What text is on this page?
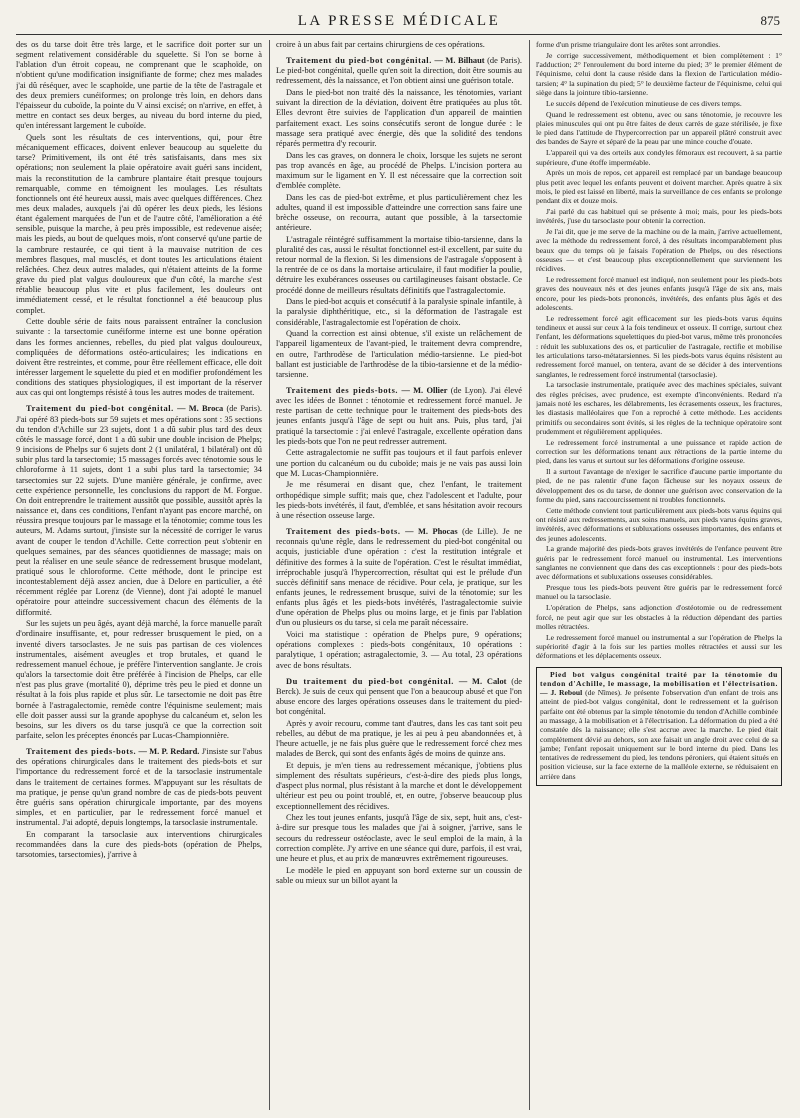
LA PRESSE MÉDICALE	875

des os du tarse doit être très large, et le sacrifice doit porter sur un segment relativement considérable du squelette. Si l'on se borne à l'ablation d'un étroit copeau, ne comprenant que le scaphoïde, on n'obtient qu'une modification insignifiante de forme; chez mes malades j'ai dû réséquer, avec le scaphoïde, une partie de la tête de l'astragale et des deux premiers cunéiformes; on prolonge très loin, en dehors dans l'épaisseur du cuboïde, la pointe du V ainsi excisé; on n'arrive, en effet, à mettre en contact ses deux berges, au niveau du bord interne du pied, qu'en intéressant largement le cuboïde.

Quels sont les résultats de ces interventions, qui, pour être mécaniquement efficaces, doivent enlever beaucoup au squelette du tarse? Primitivement, ils ont été très satisfaisants, dans mes six opérations; non seulement la plaie opératoire avait guéri sans incident, mais la reconstitution de la cambrure plantaire était presque toujours remarquable, comme en témoignent les moulages. Les résultats fonctionnels ont été heureux aussi, mais avec quelques différences. Chez mes deux malades, auxquels j'ai dû opérer les deux pieds, les lésions étant également marquées de l'un et de l'autre côté, l'amélioration a été sensible, puisque la marche, à peu près impossible, est redevenue aisée; mais les pieds, au bout de quelques mois, n'ont conservé qu'une partie de la cambrure restaurée, ce qui tient à la mauvaise nutrition de ces membres flasques, mal musclés, et dont toutes les articulations étaient relâchées. Chez deux autres malades, qui n'étaient atteints de la forme grave du pied plat valgus douloureux que d'un côté, la marche s'est rétablie beaucoup plus vite et plus facilement, les douleurs ont immédiatement cessé, et le résultat fonctionnel a été beaucoup plus complet.

Cette double série de faits nous paraissent entraîner la conclusion suivante : la tarsectomie cunéiforme interne est une bonne opération dans les formes anciennes, rebelles, du pied plat valgus douloureux, compliquées de déformations ostéo-articulaires; les indications en doivent être restreintes, et comme, pour être réellement efficace, elle doit intéresser largement le squelette du pied et en modifier profondément les conditions des statiques physiologiques, il est important de la réserver aux cas qui ont longtemps résisté à tous les autres modes de traitement.

Traitement du pied-bot congénital. — M. Broca (de Paris). J'ai opéré 83 pieds-bots sur 59 sujets et mes opérations sont : 35 sections du tendon d'Achille sur 23 sujets, dont 1 a dû subir plus tard des deux côtés le massage forcé, dont 1 a dû subir une double incision de Phelps; 9 incisions de Phelps sur 6 sujets dont 2 (1 unilatéral, 1 bilatéral) ont dû subir plus tard la tarsectomie; 15 massages forcés avec ténotomie sous le chloroforme à 11 sujets, dont 1 a subi plus tard la tarsectomie; 34 tarsectomies sur 22 sujets. D'une manière générale, je confirme, avec cette expérience personnelle, les conclusions du rapport de M. Forgue. On doit entreprendre le traitement aussitôt que possible, aussitôt après la naissance et, dans ces conditions, l'enfant n'ayant pas encore marché, on réussira presque toujours par le massage et la ténotomie; comme tous les auteurs, M. Adams surtout, j'insiste sur la nécessité de corriger le varus avant de couper le tendon d'Achille. Cette correction peut s'obtenir en quelques semaines, par des séances quotidiennes de massage; mais on peut la réaliser en une seule séance de redressement brusque modelant, pratiqué sous le chloroforme. Cette méthode, dont le principe est incontestablement déjà assez ancien, due à Delore en particulier, a été récemment réglée par Lorenz (de Vienne), dont j'ai adopté le manuel opératoire pour atteindre successivement chacun des éléments de la difformité.

Sur les sujets un peu âgés, ayant déjà marché, la force manuelle paraît d'ordinaire insuffisante, et, pour redresser brusquement le pied, on a inventé divers tarsoclastes. Je ne suis pas partisan de ces violences instrumentales, aisément aveugles et trop brutales, et quand le redressement manuel échoue, je préfère l'intervention sanglante. Je crois qu'alors la tarsectomie doit être préférée à l'incision de Phelps, car elle n'est pas plus grave (mortalité 0), déprime très peu le pied et donne un résultat à la fois plus rapide et plus sûr. Le tarsectomie ne doit pas être bornée à l'astragalectomie, remède contre l'équinisme seulement; mais elle doit passer aussi sur la grande apophyse du calcanéum et, selon les besoins, sur les divers os du tarse jusqu'à ce que la correction soit parfaite, selon les préceptes énoncés par Lucas-Championnière.

Traitement des pieds-bots. — M. P. Redard. J'insiste sur l'abus des opérations chirurgicales dans le traitement des pieds-bots et sur l'importance du redressement forcé et de la tarsoclasie instrumentale dans le traitement de certaines formes. M'appuyant sur les résultats de ma pratique, je pense qu'un grand nombre de cas de pieds-bots peuvent être guéris sans opération chirurgicale importante, par des moyens simples, et en particulier, par le redressement forcé manuel et instrumental. J'ai adopté, depuis longtemps, la tarsoclasie instrumentale.

En comparant la tarsoclasie aux interventions chirurgicales recommandées dans la cure des pieds-bots (opération de Phelps, tarsotomies, tarsectomies), j'arrive à

croire à un abus fait par certains chirurgiens de ces opérations.

Traitement du pied-bot congénital. — M. Bilhaut (de Paris). Le pied-bot congénital, quelle qu'en soit la direction, doit être soumis au redressement, dès la naissance, et l'on obtient ainsi une guérison totale.

Dans le pied-bot non traité dès la naissance, les ténotomies, variant suivant la direction de la déviation, doivent être pratiquées au plus tôt. Elles devront être suivies de l'application d'un appareil de maintien parfaitement exact. Les soins consécutifs seront de longue durée : le massage sera pratiqué avec énergie, dès que la solidité des tendons réparés permettra d'y recourir.

Dans les cas graves, on donnera le choix, lorsque les sujets ne seront pas trop avancés en âge, au procédé de Phelps. L'incision portera au maximum sur le ligament en Y. Il est nécessaire que la correction soit d'emblée complète.

Dans les cas de pied-bot extrême, et plus particulièrement chez les adultes, quand il est impossible d'atteindre une correction sans faire une brèche osseuse, on recourra, autant que possible, à la tarsectomie antérieure.

L'astragale réintégré suffisamment la mortaise tibio-tarsienne, dans la pluralité des cas, aussi le résultat fonctionnel est-il excellent, par suite du retour normal de la flexion. Si les dimensions de l'astragale s'opposent à la rentrée de ce os dans la mortaise articulaire, il faut modifier la poulie, détruire les exubérances osseuses ou cartilagineuses faisant obstacle. Ce procédé donne de meilleurs résultats définitifs que l'astragalectomie.

Dans le pied-bot acquis et consécutif à la paralysie spinale infantile, à la paralysie diphthéritique, etc., si la déformation de l'astragale est considérable, l'astragalectomie est l'opération de choix.

Quand la correction est ainsi obtenue, s'il existe un relâchement de l'appareil ligamenteux de l'avant-pied, le traitement devra comprendre, en outre, l'arthrodèse de l'articulation médio-tarsienne. Le pied-bot ballant est justiciable de l'arthrodèse de la tibio-tarsienne et de la médio-tarsienne.

Traitement des pieds-bots. — M. Ollier (de Lyon). J'ai élevé avec les idées de Bonnet : ténotomie et redressement forcé manuel. Je reste partisan de cette technique pour le traitement des pieds-bots des jeunes enfants jusqu'à l'âge de sept ou huit ans. Puis, plus tard, j'ai pratiqué la tarsectomie : j'ai enlevé l'astragale, excellente opération dans les pieds-bots que l'on ne peut redresser autrement.

Cette astragalectomie ne suffit pas toujours et il faut parfois enlever une portion du calcanéum ou du cuboïde; mais je ne vais pas aussi loin que M. Lucas-Championnière.

Je me résumerai en disant que, chez l'enfant, le traitement orthopédique simple suffit; mais que, chez l'adolescent et l'adulte, pour les pieds-bots invétérés, il faut, d'emblée, et sans hésitation avoir recours à une résection osseuse large.

Traitement des pieds-bots. — M. Phocas (de Lille). Je ne reconnais qu'une règle, dans le redressement du pied-bot congénital ou acquis, justiciable d'une opération : c'est la restitution intégrale et définitive des formes à la suite de l'opération. C'est le résultat immédiat, irréprochable jusqu'à l'hypercorrection, résultat qui est le prélude d'un succès définitif sans menace de récidive. Pour cela, je pratique, sur les enfants jeunes, le redressement brusque, suivi de la ténotomie; sur les enfants plus âgés et les pieds-bots invétérés, l'astragalectomie suivie d'une opération de Phelps plus ou moins large, et je finis par l'ablation d'un ou plusieurs os du tarse, si cela me paraît nécessaire.

Voici ma statistique : opération de Phelps pure, 9 opérations; opérations complexes : pieds-bots congénitaux, 10 opérations : paralytique, 1 opération; astragalectomie, 3. — Au total, 23 opérations avec de bons résultats.

Du traitement du pied-bot congénital. — M. Calot (de Berck). Je suis de ceux qui pensent que l'on a beaucoup abusé et que l'on abuse encore des larges opérations osseuses dans le traitement du pied-bot congénital.

Après y avoir recouru, comme tant d'autres, dans les cas tant soit peu rebelles, au début de ma pratique, je les ai peu à peu abandonnées et, à l'heure actuelle, je ne fais plus guère que le redressement forcé chez mes malades de Berck, qui sont des enfants âgés de moins de quinze ans.

Et depuis, je m'en tiens au redressement mécanique, j'obtiens plus simplement des résultats supérieurs, c'est-à-dire des pieds plus longs, d'aspect plus normal, plus résistant à la marche et dont le développement ultérieur est peu ou point troublé, et, en outre, j'observe beaucoup plus exceptionnellement des récidives.

Chez les tout jeunes enfants, jusqu'à l'âge de six, sept, huit ans, c'est-à-dire sur presque tous les malades que j'ai à soigner, j'arrive, sans le secours du redresseur ostéoclaste, avec le seul emploi de la main, à la correction complète. J'y arrive en une séance qui dure, parfois, il est vrai, une heure et plus, et au prix de manœuvres extrêmement rigoureuses.

Le modèle le pied en appuyant son bord externe sur un coussin de sable ou mieux sur un billot ayant la

forme d'un prisme triangulaire dont les arêtes sont arrondies.

Je corrige successivement, méthodiquement et bien complètement : 1° l'adduction; 2° l'enroulement du bord interne du pied; 3° le premier élément de l'équinisme, celui dont la cause réside dans la flexion de l'articulation médio-tarsien; 4° la supination du pied; 5° le deuxième facteur de l'équinisme, celui qui siège dans la jointure tibio-tarsienne.

Le succès dépend de l'exécution minutieuse de ces divers temps.

Quand le redressement est obtenu, avec ou sans ténotomie, je recouvre les plaies minuscules qui ont pu être faites de deux carrés de gaze stérilisée, je fixe le pied dans l'attitude de l'hypercorrection par un appareil plâtré construit avec des bandes de Sayre et séparé de la peau par une mince couche d'ouate.

L'appareil qui va des orteils aux condyles fémoraux est recouvert, à sa partie supérieure, d'une étoffe imperméable.

Après un mois de repos, cet appareil est remplacé par un bandage beaucoup plus petit avec lequel les enfants peuvent et doivent marcher. Après quatre à six mois, le pied est laissé en liberté, mais la surveillance de ces enfants se prolonge pendant dix et douze mois.

J'ai parlé du cas habituel qui se présente à moi; mais, pour les pieds-bots invétérés, j'use du tarsoclaste pour obtenir la correction.

Je l'ai dit, que je me serve de la machine ou de la main, j'arrive actuellement, avec la méthode du redressement forcé, à des résultats incomparablement plus beaux que du temps où je faisais l'opération de Phelps, ou des résections osseuses — et c'est beaucoup plus exceptionnellement que surviennent les récidives.

Le redressement forcé manuel est indiqué, non seulement pour les pieds-bots graves des nouveaux nés et des jeunes enfants jusqu'à l'âge de six ans, mais encore, pour les pieds-bots prononcés, invétérés, des enfants plus âgés et des adolescents.

Le redressement forcé agit efficacement sur les pieds-bots varus équins tendineux et aussi sur ceux à la fois tendineux et osseux. Il corrige, surtout chez l'enfant, les déformations squelettiques du pied-bot varus, même très prononcées : réduit les subluxations des os, et particulier de l'astragale, rectifie et mobilise les articulations tarso-métatarsiennes. Si les pieds-bots varus équins résistent au redressement forcé manuel, on tentera, avant de se décider à des interventions sanglantes, le redressement forcé instrumental (tarsoclasie).

La tarsoclasie instrumentale, pratiquée avec des machines spéciales, suivant des règles précises, avec prudence, est exempte d'inconvénients. Redard n'a jamais noté les eschares, les délabrements, les écrasements osseux, les fractures, les diastasis malléolaires que l'on a reproché à cette méthode. Les accidents primitifs ou secondaires sont évités, si les règles de la technique opératoire sont prudemment et régulièrement appliquées.

Le redressement forcé instrumental a une puissance et rapide action de correction sur les déformations tenant aux rétractions de la partie interne du pied, dans les varus et surtout sur les déformations d'origine osseuse.

Il a surtout l'avantage de n'exiger le sacrifice d'aucune partie importante du pied, de ne pas ralentir d'une façon fâcheuse sur les noyaux osseux de développement des os du tarse, de donner une guérison avec conservation de la forme du pied, sans raccourcissement ni troubles fonctionnels.

Cette méthode convient tout particulièrement aux pieds-bots varus équins qui ont résisté aux redressements, aux soins manuels, aux pieds varus équins graves, invétérés, avec déformations et subluxations osseuses importantes, des enfants et des jeunes adolescents.

La grande majorité des pieds-bots graves invétérés de l'enfance peuvent être guéris par le redressement forcé manuel ou instrumental. Les interventions sanglantes ne conviennent que dans des cas exceptionnels : pour des pieds-bots avec déformations et subluxations osseuses considérables.

Presque tous les pieds-bots peuvent être guéris par le redressement forcé manuel ou la tarsoclasie.

L'opération de Phelps, sans adjonction d'ostéotomie ou de redressement forcé, ne peut agir que sur les obstacles à la réduction dépendant des parties molles rétractées.

Le redressement forcé manuel ou instrumental a sur l'opération de Phelps la supériorité d'agir à la fois sur les parties molles rétractées et aussi sur les déformations et les déplacements osseux.

Pied bot valgus congénital traité par la ténotomie du tendon d'Achille, le massage, la mobilisation et l'électrisation. — J. Reboul (de Nîmes). Je présente l'observation d'un enfant de trois ans atteint de pied-bot valgus congénital, dont le redressement et la guérison parfaite ont été obtenus par la simple ténotomie du tendon d'Achille combinée au massage, à la mobilisation et à l'électrisation. La déformation du pied a été constatée dès la naissance; elle s'est accrue avec la marche. Le pied était complètement dévié au dehors, son axe faisait un angle droit avec celui de sa jambe; l'enfant reposait uniquement sur le bord interne du pied. Dans les tentatives de redressement du pied, les tendons péroniers, qui étaient situés en position vicieuse, sur la face externe de la malléole externe, se réduisaient en arrière dans
